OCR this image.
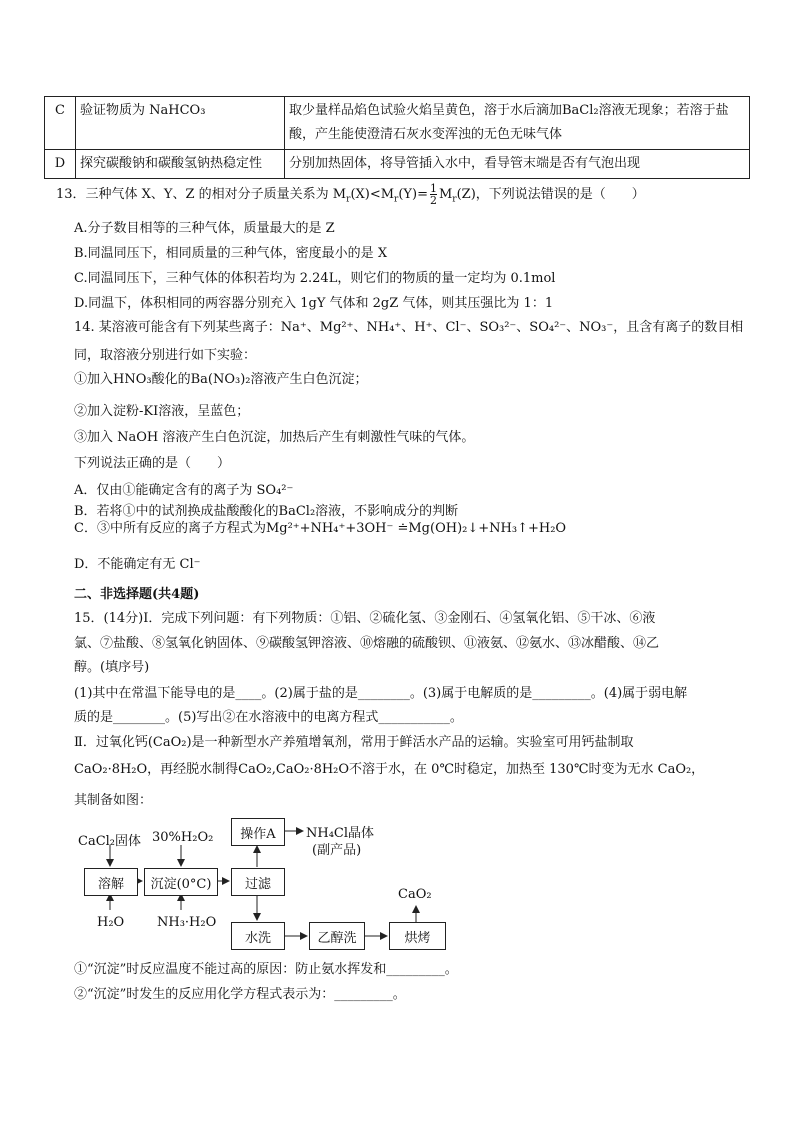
C	验证物质为 NaHCO₃	取少量样品焰色试验火焰呈黄色，溶于水后滴加BaCl₂溶液无现象；若溶于盐酸，产生能使澄清石灰水变浑浊的无色无味气体
D	探究碳酸钠和碳酸氢钠热稳定性	分别加热固体，将导管插入水中，看导管末端是否有气泡出现
13．三种气体 X、Y、Z 的相对分子质量关系为 $M_r(X)<M_r(Y)= \frac{1}{2} M_r(Z)$，下列说法错误的是（　　）
A.分子数目相等的三种气体，质量最大的是 Z
B.同温同压下，相同质量的三种气体，密度最小的是 X
C.同温同压下，三种气体的体积若均为 2.24L，则它们的物质的量一定均为 0.1mol
D.同温下，体积相同的两容器分别充入 1gY 气体和 2gZ 气体，则其压强比为 1：1
14. 某溶液可能含有下列某些离子：Na⁺、Mg²⁺、NH₄⁺、H⁺、Cl⁻、SO₃²⁻、SO₄²⁻、NO₃⁻，且含有离子的数目相
同，取溶液分别进行如下实验：
①加入HNO₃酸化的Ba(NO₃)₂溶液产生白色沉淀；
②加入淀粉-KI溶液，呈蓝色；
③加入 NaOH 溶液产生白色沉淀，加热后产生有刺激性气味的气体。
下列说法正确的是（　　）
A．仅由①能确定含有的离子为 SO₄²⁻
B．若将①中的试剂换成盐酸酸化的BaCl₂溶液，不影响成分的判断
C．③中所有反应的离子方程式为Mg²⁺+NH₄⁺+3OH⁻ ≐Mg(OH)₂↓+NH₃↑+H₂O
D．不能确定有无 Cl⁻
二、非选择题(共4题)
15．(14分)Ⅰ．完成下列问题：有下列物质：①铝、②硫化氢、③金刚石、④氢氧化铝、⑤干冰、⑥液
氯、⑦盐酸、⑧氢氧化钠固体、⑨碳酸氢钾溶液、⑩熔融的硫酸钡、⑪液氨、⑫氨水、⑬冰醋酸、⑭乙
醇。(填序号)
(1)其中在常温下能导电的是____。(2)属于盐的是________。(3)属于电解质的是_________。(4)属于弱电解
质的是________。(5)写出②在水溶液中的电离方程式___________。
Ⅱ．过氧化钙(CaO₂)是一种新型水产养殖增氧剂，常用于鲜活水产品的运输。实验室可用钙盐制取
CaO₂·8H₂O，再经脱水制得CaO₂,CaO₂·8H₂O不溶于水，在 0℃时稳定，加热至 130℃时变为无水 CaO₂，
其制备如图：
CaCl₂固体 30%H₂O₂
H₂O	NH₃·H₂O
溶解	沉淀(0°C)	过滤
操作A	NH₄Cl晶体
(副产品)
水洗	乙醇洗	烘烤
CaO₂
①“沉淀”时反应温度不能过高的原因：防止氨水挥发和_________。
②“沉淀”时发生的反应用化学方程式表示为：_________。
